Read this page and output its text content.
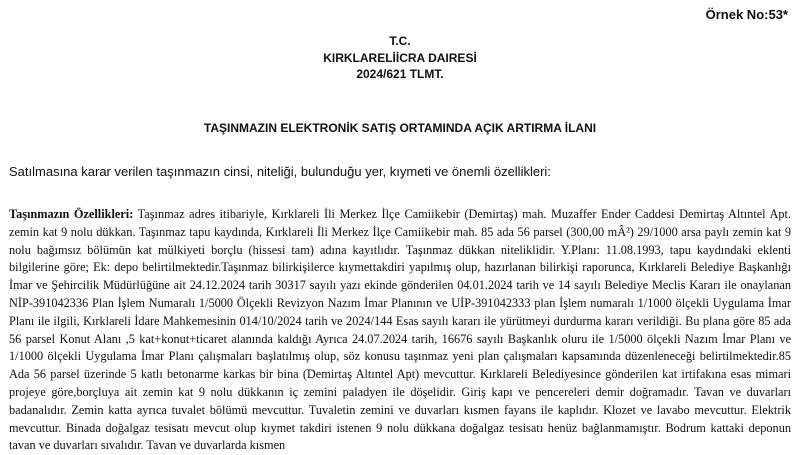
Örnek No:53*
T.C.
KIRKLARELİİCRA DAIRESİ
2024/621 TLMT.
TAŞINMAZIN ELEKTRONİK SATIŞ ORTAMINDA AÇIK ARTIRMA İLANI
Satılmasına karar verilen taşınmazın cinsi, niteliği, bulunduğu yer, kıymeti ve önemli özellikleri:

Taşınmazın Özellikleri: Taşınmaz adres itibariyle, Kırklareli İli Merkez İlçe Camiikebir (Demirtaş) mah. Muzaffer Ender Caddesi Demirtaş Altıntel Apt. zemin kat 9 nolu dükkan. Taşınmaz tapu kaydında, Kırklareli İli Merkez İlçe Camiikebir mah. 85 ada 56 parsel (300,00 mÂ²) 29/1000 arsa paylı zemin kat 9 nolu bağımsız bölümün kat mülkiyeti borçlu (hissesi tam) adına kayıtlıdır. Taşınmaz dükkan niteliklidir. Y.Planı: 11.08.1993, tapu kaydındaki eklenti bilgilerine göre; Ek: depo belirtilmektedir.Taşınmaz bilirkişilerce kıymettakdiri yapılmış olup, hazırlanan bilirkişi raporunca, Kırklareli Belediye Başkanlığı İmar ve Şehircilik Müdürlüğüne ait 24.12.2024 tarih 30317 sayılı yazı ekinde gönderilen 04.01.2024 tarih ve 14 sayılı Belediye Meclis Kararı ile onaylanan NİP-391042336 Plan İşlem Numaralı 1/5000 Ölçekli Revizyon Nazım İmar Planının ve UİP-391042333 plan İşlem numaralı 1/1000 ölçekli Uygulama İmar Planı ile ilgili, Kırklareli İdare Mahkemesinin 014/10/2024 tarih ve 2024/144 Esas sayılı kararı ile yürütmeyi durdurma kararı verildiği. Bu plana göre 85 ada 56 parsel Konut Alanı ,5 kat+konut+ticaret alanında kaldığı Ayrıca 24.07.2024 tarih, 16676 sayılı Başkanlık oluru ile 1/5000 ölçekli Nazım İmar Planı ve 1/1000 ölçekli Uygulama İmar Planı çalışmaları başlatılmış olup, söz konusu taşınmaz yeni plan çalışmaları kapsamında düzenleneceği belirtilmektedir.85 Ada 56 parsel üzerinde 5 katlı betonarme karkas bir bina (Demirtaş Altıntel Apt) mevcuttur. Kırklareli Belediyesince gönderilen kat irtifakına esas mimari projeye göre,borçluya ait zemin kat 9 nolu dükkanın iç zemini paladyen ile döşelidir. Giriş kapı ve pencereleri demir doğramadır. Tavan ve duvarları badanalıdır. Zemin katta ayrıca tuvalet bölümü mevcuttur. Tuvaletin zemini ve duvarları kısmen fayans ile kaplıdır. Klozet ve lavabo mevcuttur. Elektrik mevcuttur. Binada doğalgaz tesisatı mevcut olup kıymet takdiri istenen 9 nolu dükkana doğalgaz tesisatı henüz bağlanmamıştır. Bodrum kattaki deponun tavan ve duvarları sıvalıdır. Tavan ve duvarlarda kısmen
